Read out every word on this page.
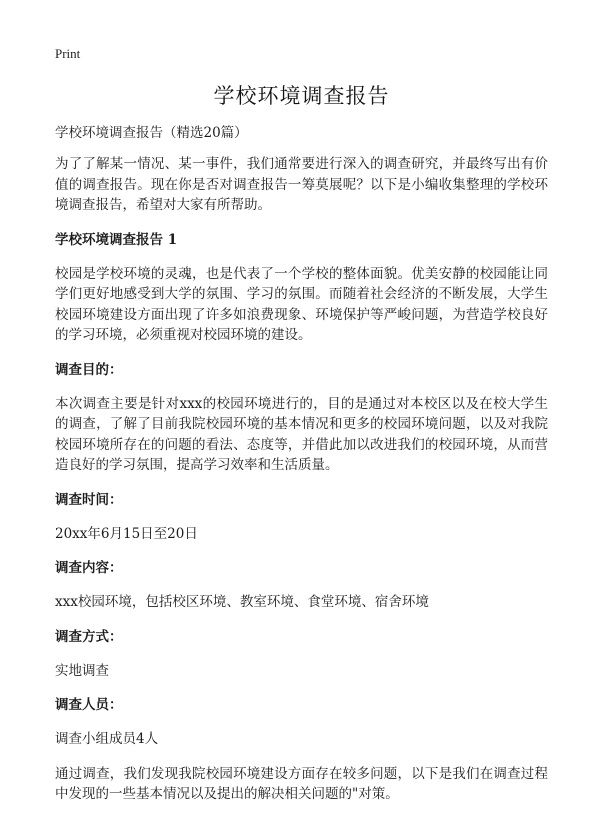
Print
学校环境调查报告
学校环境调查报告（精选20篇）

为了了解某一情况、某一事件，我们通常要进行深入的调查研究，并最终写出有价值的调查报告。现在你是否对调查报告一筹莫展呢？以下是小编收集整理的学校环境调查报告，希望对大家有所帮助。

学校环境调查报告 1

校园是学校环境的灵魂，也是代表了一个学校的整体面貌。优美安静的校园能让同学们更好地感受到大学的氛围、学习的氛围。而随着社会经济的不断发展，大学生校园环境建设方面出现了许多如浪费现象、环境保护等严峻问题，为营造学校良好的学习环境，必须重视对校园环境的建设。

调查目的：

本次调查主要是针对xxx的校园环境进行的，目的是通过对本校区以及在校大学生的调查，了解了目前我院校园环境的基本情况和更多的校园环境问题，以及对我院校园环境所存在的问题的看法、态度等，并借此加以改进我们的校园环境，从而营造良好的学习氛围，提高学习效率和生活质量。

调查时间：

20xx年6月15日至20日

调查内容：

xxx校园环境，包括校区环境、教室环境、食堂环境、宿舍环境

调查方式：

实地调查

调查人员：

调查小组成员4人

通过调查，我们发现我院校园环境建设方面存在较多问题，以下是我们在调查过程中发现的一些基本情况以及提出的解决相关问题的"对策。
